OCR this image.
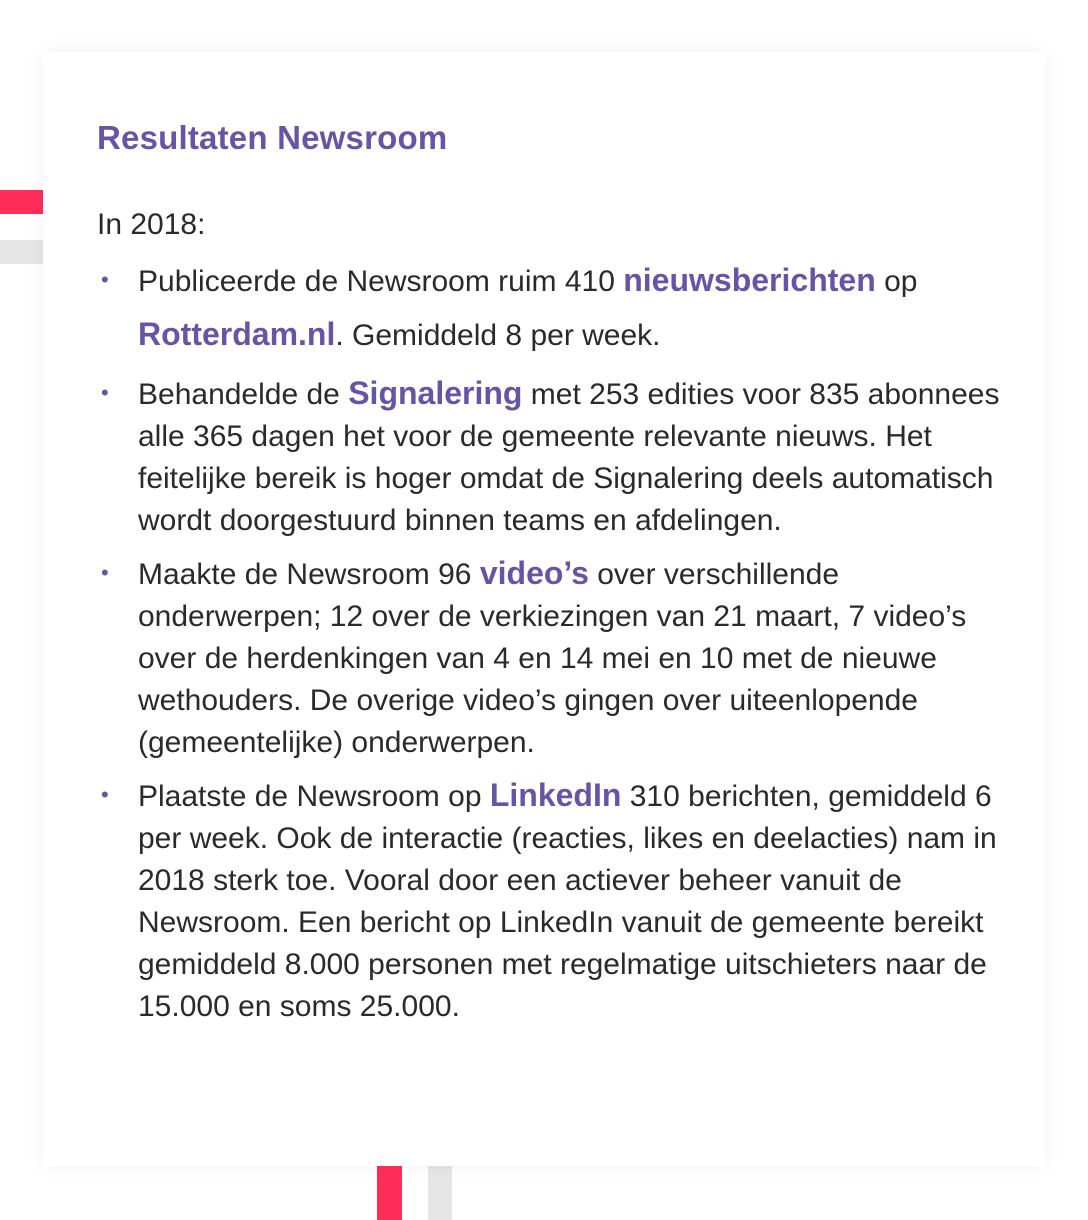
Resultaten Newsroom

In 2018:

• Publiceerde de Newsroom ruim 410 nieuwsberichten op Rotterdam.nl. Gemiddeld 8 per week.
• Behandelde de Signalering met 253 edities voor 835 abonnees alle 365 dagen het voor de gemeente relevante nieuws. Het feitelijke bereik is hoger omdat de Signalering deels automatisch wordt doorgestuurd binnen teams en afdelingen.
• Maakte de Newsroom 96 video’s over verschillende onderwerpen; 12 over de verkiezingen van 21 maart, 7 video’s over de herdenkingen van 4 en 14 mei en 10 met de nieuwe wethouders. De overige video’s gingen over uiteenlopende (gemeentelijke) onderwerpen.
• Plaatste de Newsroom op LinkedIn 310 berichten, gemiddeld 6 per week. Ook de interactie (reacties, likes en deelacties) nam in 2018 sterk toe. Vooral door een actiever beheer vanuit de Newsroom. Een bericht op LinkedIn vanuit de gemeente bereikt gemiddeld 8.000 personen met regelmatige uitschieters naar de 15.000 en soms 25.000.
